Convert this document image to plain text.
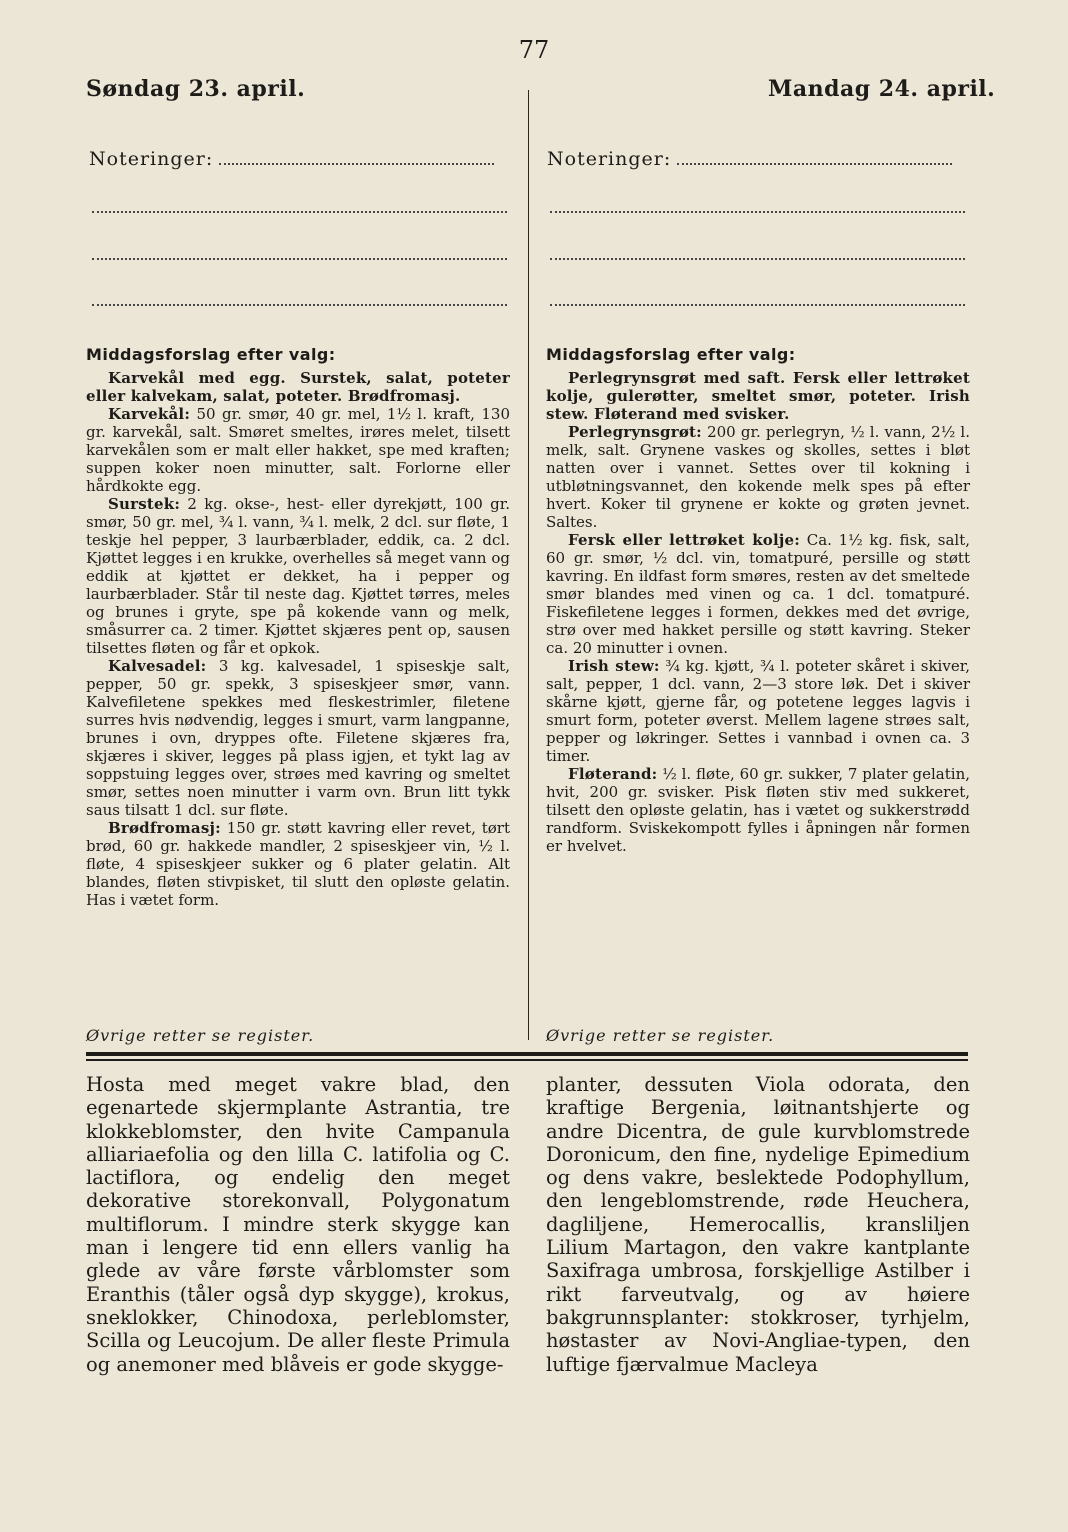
77
Søndag 23. april.
Noteringer:
Middagsforslag efter valg:

Karvekål med egg. Surstek, salat, poteter eller kalvekam, salat, poteter. Brødfromasj.

Karvekål: 50 gr. smør, 40 gr. mel, 1½ l. kraft, 130 gr. karvekål, salt. Smøret smeltes, irøres melet, tilsett karvekålen som er malt eller hakket, spe med kraften; suppen koker noen minutter, salt. Forlorne eller hårdkokte egg.

Surstek: 2 kg. okse-, hest- eller dyrekjøtt, 100 gr. smør, 50 gr. mel, ¾ l. vann, ¾ l. melk, 2 dcl. sur fløte, 1 teskje hel pepper, 3 laurbærblader, eddik, ca. 2 dcl. Kjøttet legges i en krukke, overhelles så meget vann og eddik at kjøttet er dekket, ha i pepper og laurbærblader. Står til neste dag. Kjøttet tørres, meles og brunes i gryte, spe på kokende vann og melk, småsurrer ca. 2 timer. Kjøttet skjæres pent op, sausen tilsettes fløten og får et opkok.

Kalvesadel: 3 kg. kalvesadel, 1 spiseskje salt, pepper, 50 gr. spekk, 3 spiseskjeer smør, vann. Kalvefiletene spekkes med fleskestrimler, filetene surres hvis nødvendig, legges i smurt, varm langpanne, brunes i ovn, dryppes ofte. Filetene skjæres fra, skjæres i skiver, legges på plass igjen, et tykt lag av soppstuing legges over, strøes med kavring og smeltet smør, settes noen minutter i varm ovn. Brun litt tykk saus tilsatt 1 dcl. sur fløte.

Brødfromasj: 150 gr. støtt kavring eller revet, tørt brød, 60 gr. hakkede mandler, 2 spiseskjeer vin, ½ l. fløte, 4 spiseskjeer sukker og 6 plater gelatin. Alt blandes, fløten stivpisket, til slutt den opløste gelatin. Has i vætet form.

Øvrige retter se register.
Mandag 24. april.
Noteringer:
Middagsforslag efter valg:

Perlegrynsgrøt med saft. Fersk eller lettrøket kolje, gulerøtter, smeltet smør, poteter. Irish stew. Fløterand med svisker.

Perlegrynsgrøt: 200 gr. perlegryn, ½ l. vann, 2½ l. melk, salt. Grynene vaskes og skolles, settes i bløt natten over i vannet. Settes over til kokning i utbløtningsvannet, den kokende melk spes på efter hvert. Koker til grynene er kokte og grøten jevnet. Saltes.

Fersk eller lettrøket kolje: Ca. 1½ kg. fisk, salt, 60 gr. smør, ½ dcl. vin, tomatpuré, persille og støtt kavring. En ildfast form smøres, resten av det smeltede smør blandes med vinen og ca. 1 dcl. tomatpuré. Fiskefiletene legges i formen, dekkes med det øvrige, strø over med hakket persille og støtt kavring. Steker ca. 20 minutter i ovnen.

Irish stew: ¾ kg. kjøtt, ¾ l. poteter skåret i skiver, salt, pepper, 1 dcl. vann, 2—3 store løk. Det i skiver skårne kjøtt, gjerne får, og potetene legges lagvis i smurt form, poteter øverst. Mellem lagene strøes salt, pepper og løkringer. Settes i vannbad i ovnen ca. 3 timer.

Fløterand: ½ l. fløte, 60 gr. sukker, 7 plater gelatin, hvit, 200 gr. svisker. Pisk fløten stiv med sukkeret, tilsett den opløste gelatin, has i vætet og sukkerstrødd randform. Sviskekompott fylles i åpningen når formen er hvelvet.

Øvrige retter se register.

Hosta med meget vakre blad, den egenartede skjermplante Astrantia, tre klokkeblomster, den hvite Campanula alliariaefolia og den lilla C. latifolia og C. lactiflora, og endelig den meget dekorative storekonvall, Polygonatum multiflorum. I mindre sterk skygge kan man i lengere tid enn ellers vanlig ha glede av våre første vårblomster som Eranthis (tåler også dyp skygge), krokus, sneklokker, Chinodoxa, perleblomster, Scilla og Leucojum. De aller fleste Primula og anemoner med blåveis er gode skygge-

planter, dessuten Viola odorata, den kraftige Bergenia, løitnantshjerte og andre Dicentra, de gule kurvblomstrede Doronicum, den fine, nydelige Epimedium og dens vakre, beslektede Podophyllum, den lengeblomstrende, røde Heuchera, dagliljene, Hemerocallis, kransliljen Lilium Martagon, den vakre kantplante Saxifraga umbrosa, forskjellige Astilber i rikt farveutvalg, og av høiere bakgrunnsplanter: stokkroser, tyrhjelm, høstaster av Novi-Angliae-typen, den luftige fjærvalmue Macleya
